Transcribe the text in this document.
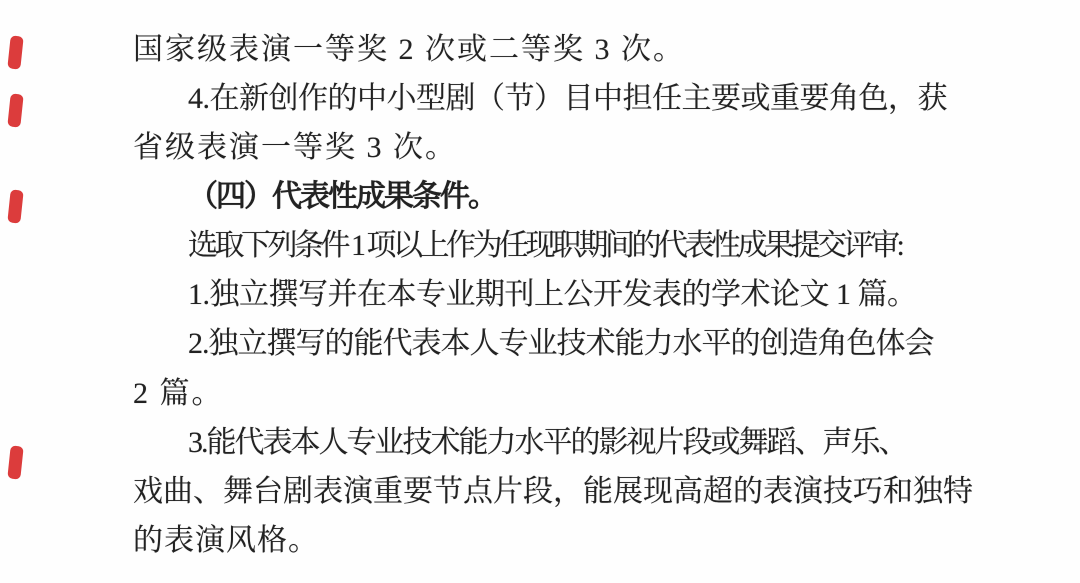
国家级表演一等奖 2 次或二等奖 3 次。
4.在新创作的中小型剧（节）目中担任主要或重要角色，获
省级表演一等奖 3 次。
（四）代表性成果条件。
选取下列条件 1 项以上作为任现职期间的代表性成果提交评审:
1.独立撰写并在本专业期刊上公开发表的学术论文 1 篇。
2.独立撰写的能代表本人专业技术能力水平的创造角色体会
2 篇。
3.能代表本人专业技术能力水平的影视片段或舞蹈、声乐、
戏曲、舞台剧表演重要节点片段，能展现高超的表演技巧和独特
的表演风格。
